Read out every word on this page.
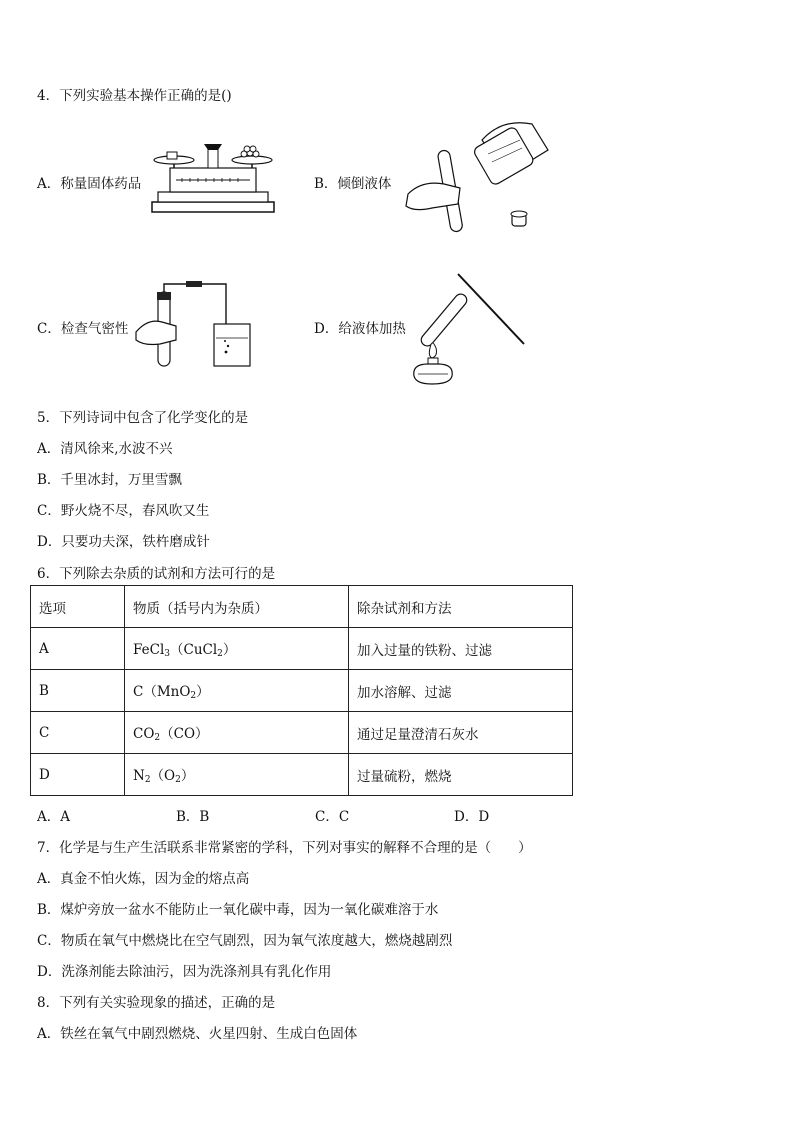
4．下列实验基本操作正确的是()
A．称量固体药品	B．倾倒液体
C．检查气密性	D．给液体加热
5．下列诗词中包含了化学变化的是
A．清风徐来,水波不兴
B．千里冰封，万里雪飘
C．野火烧不尽，春风吹又生
D．只要功夫深，铁杵磨成针
6．下列除去杂质的试剂和方法可行的是
选项	物质（括号内为杂质）	除杂试剂和方法
A	FeCl$_3$（CuCl$_2$）	加入过量的铁粉、过滤
B	C（MnO$_2$）	加水溶解、过滤
C	$CO_2(CO)$	通过足量澄清石灰水
D	$N_2(O_2)$	过量硫粉，燃烧
A．A	B．B	C．C	D．D
7．化学是与生产生活联系非常紧密的学科，下列对事实的解释不合理的是（　　）
A．真金不怕火炼，因为金的熔点高
B．煤炉旁放一盆水不能防止一氧化碳中毒，因为一氧化碳难溶于水
C．物质在氧气中燃烧比在空气剧烈，因为氧气浓度越大，燃烧越剧烈
D．洗涤剂能去除油污，因为洗涤剂具有乳化作用
8．下列有关实验现象的描述，正确的是
A．铁丝在氧气中剧烈燃烧、火星四射、生成白色固体
